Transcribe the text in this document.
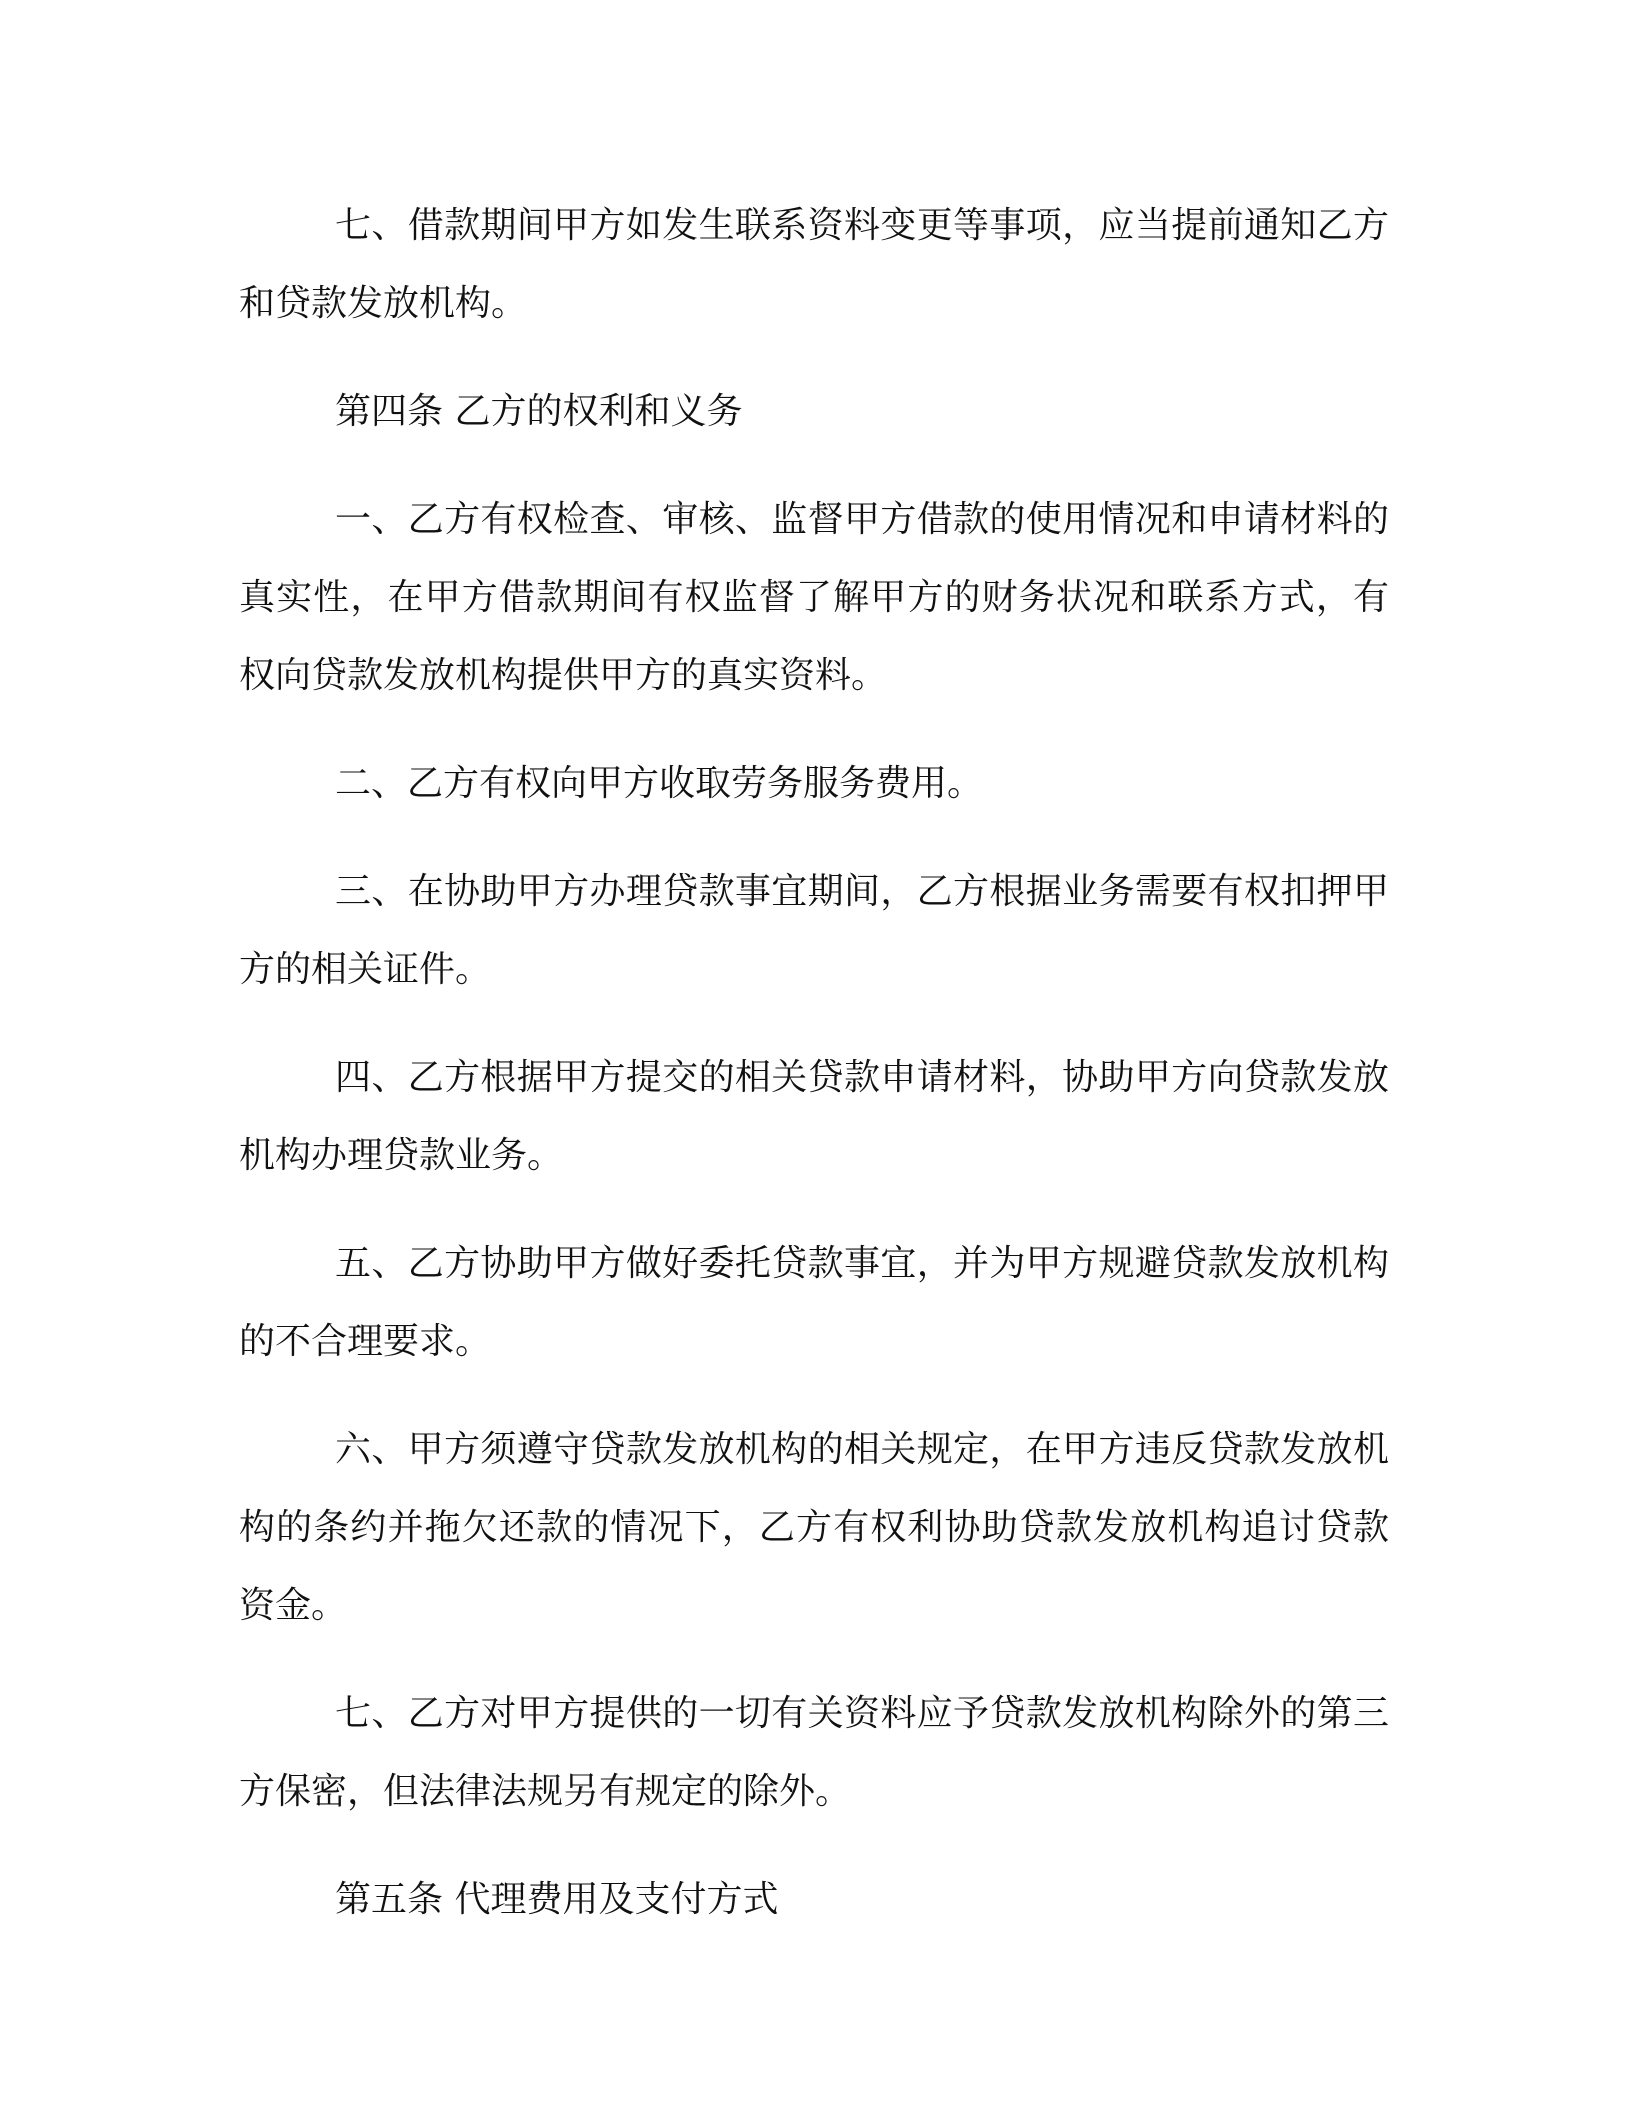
七、借款期间甲方如发生联系资料变更等事项，应当提前通知乙方和贷款发放机构。

第四条 乙方的权利和义务

一、乙方有权检查、审核、监督甲方借款的使用情况和申请材料的真实性，在甲方借款期间有权监督了解甲方的财务状况和联系方式，有权向贷款发放机构提供甲方的真实资料。

二、乙方有权向甲方收取劳务服务费用。

三、在协助甲方办理贷款事宜期间，乙方根据业务需要有权扣押甲方的相关证件。

四、乙方根据甲方提交的相关贷款申请材料，协助甲方向贷款发放机构办理贷款业务。

五、乙方协助甲方做好委托贷款事宜，并为甲方规避贷款发放机构的不合理要求。

六、甲方须遵守贷款发放机构的相关规定，在甲方违反贷款发放机构的条约并拖欠还款的情况下，乙方有权利协助贷款发放机构追讨贷款资金。

七、乙方对甲方提供的一切有关资料应予贷款发放机构除外的第三方保密，但法律法规另有规定的除外。

第五条 代理费用及支付方式
